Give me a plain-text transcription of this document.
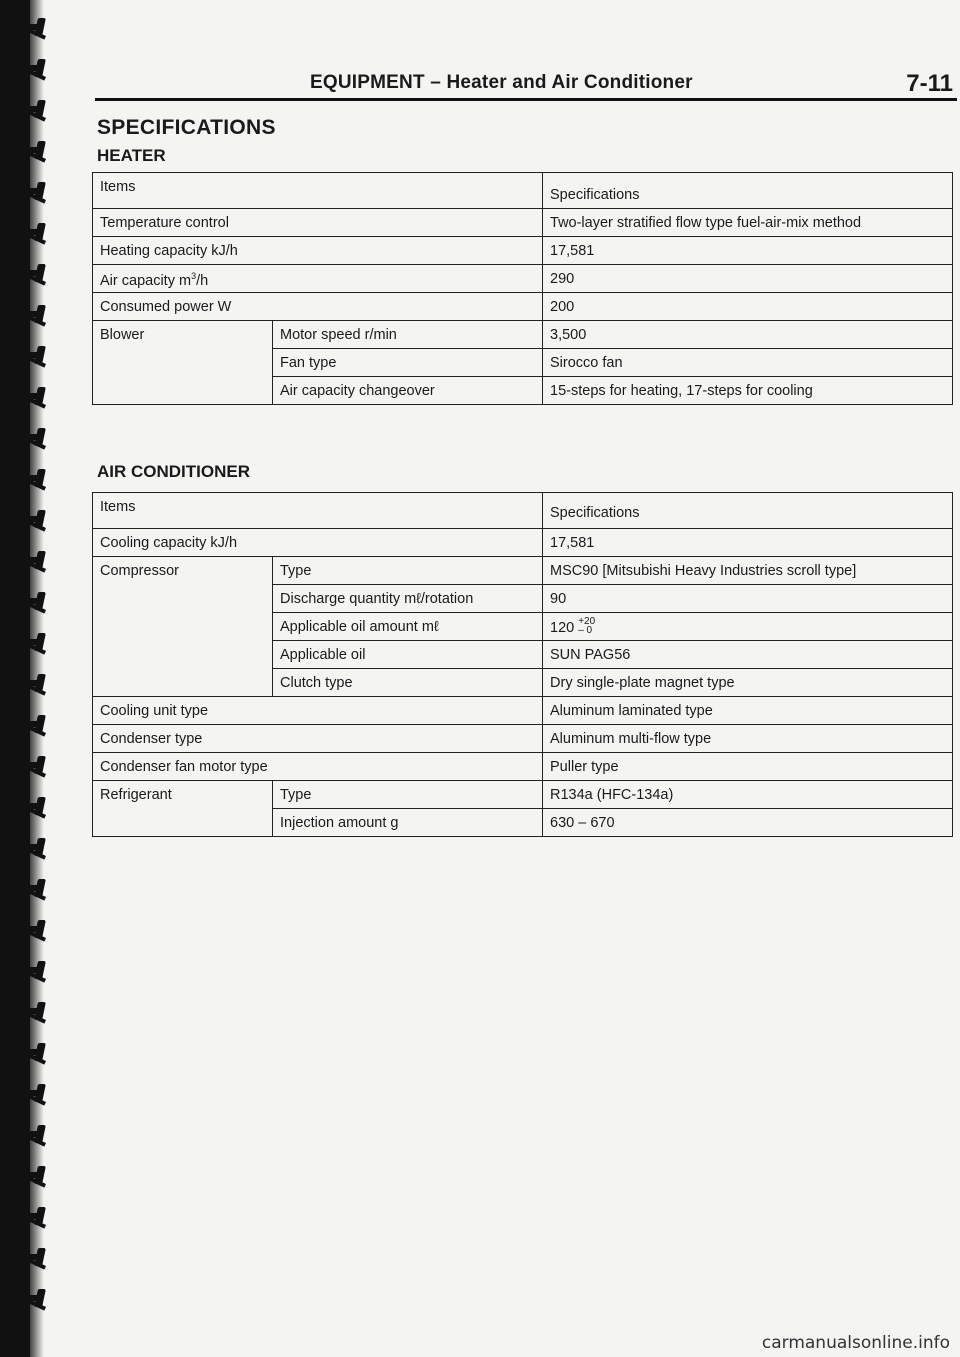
EQUIPMENT – Heater and Air Conditioner	7-11
SPECIFICATIONS
HEATER
Items		Specifications
Temperature control		Two-layer stratified flow type fuel-air-mix method
Heating capacity kJ/h		17,581
Air capacity $m^3/h$		290
Consumed power W		200
Blower	Motor speed r/min	3,500
	Fan type	Sirocco fan
	Air capacity changeover	15-steps for heating, 17-steps for cooling
AIR CONDITIONER
Items		Specifications
Cooling capacity kJ/h		17,581
Compressor	Type	MSC90 [Mitsubishi Heavy Industries scroll type]
	Discharge quantity mℓ/rotation	90
	Applicable oil amount mℓ	120 +20
– 0

	Applicable oil	SUN PAG56
	Clutch type	Dry single-plate magnet type
Cooling unit type		Aluminum laminated type
Condenser type		Aluminum multi-flow type
Condenser fan motor type		Puller type
Refrigerant	Type	R134a (HFC-134a)
	Injection amount g	630 – 670
carmanualsonline.info
